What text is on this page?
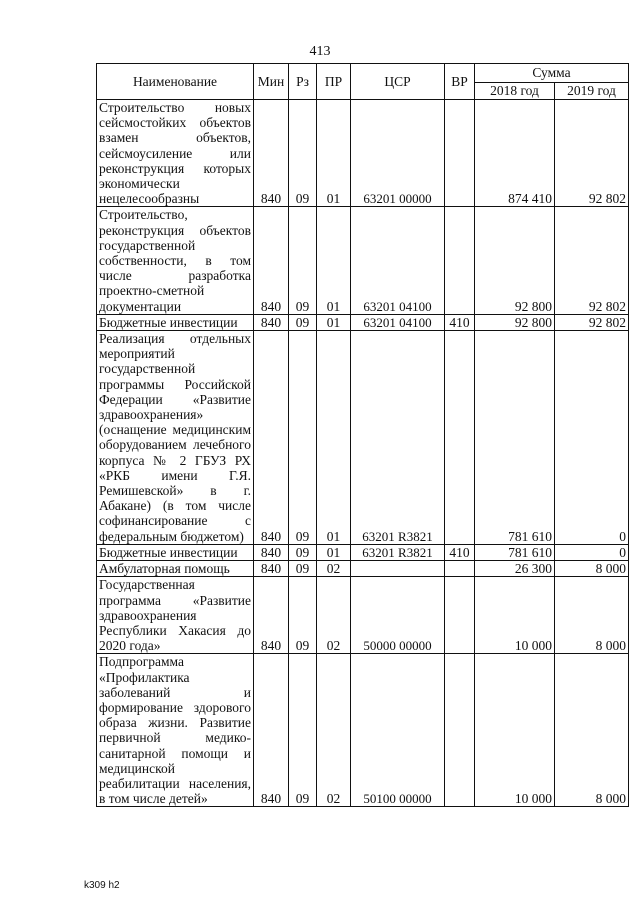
413
Наименование	Мин	Рз	ПР	ЦСР	ВР	Сумма	
						2018 год	2019 год
Строительство новых сейсмостойких объектов взамен объектов, сейсмоусиление или реконструкция которых экономически нецелесообразны	840	09	01	63201 00000		874 410	92 802
Строительство, реконструкция объектов государственной собственности, в том числе разработка проектно-сметной документации	840	09	01	63201 04100		92 800	92 802
Бюджетные инвестиции	840	09	01	63201 04100	410	92 800	92 802
Реализация отдельных мероприятий государственной программы Российской Федерации «Развитие здравоохранения» (оснащение медицинским оборудованием лечебного корпуса № 2 ГБУЗ РХ «РКБ имени Г.Я. Ремишевской» в г. Абакане) (в том числе софинансирование с федеральным бюджетом)	840	09	01	63201 R3821		781 610	0
Бюджетные инвестиции	840	09	01	63201 R3821	410	781 610	0
Амбулаторная помощь	840	09	02			26 300	8 000
Государственная программа «Развитие здравоохранения Республики Хакасия до 2020 года»	840	09	02	50000 00000		10 000	8 000
Подпрограмма «Профилактика заболеваний и формирование здорового образа жизни. Развитие первичной медико-санитарной помощи и медицинской реабилитации населения, в том числе детей»	840	09	02	50100 00000		10 000	8 000
k309 h2
